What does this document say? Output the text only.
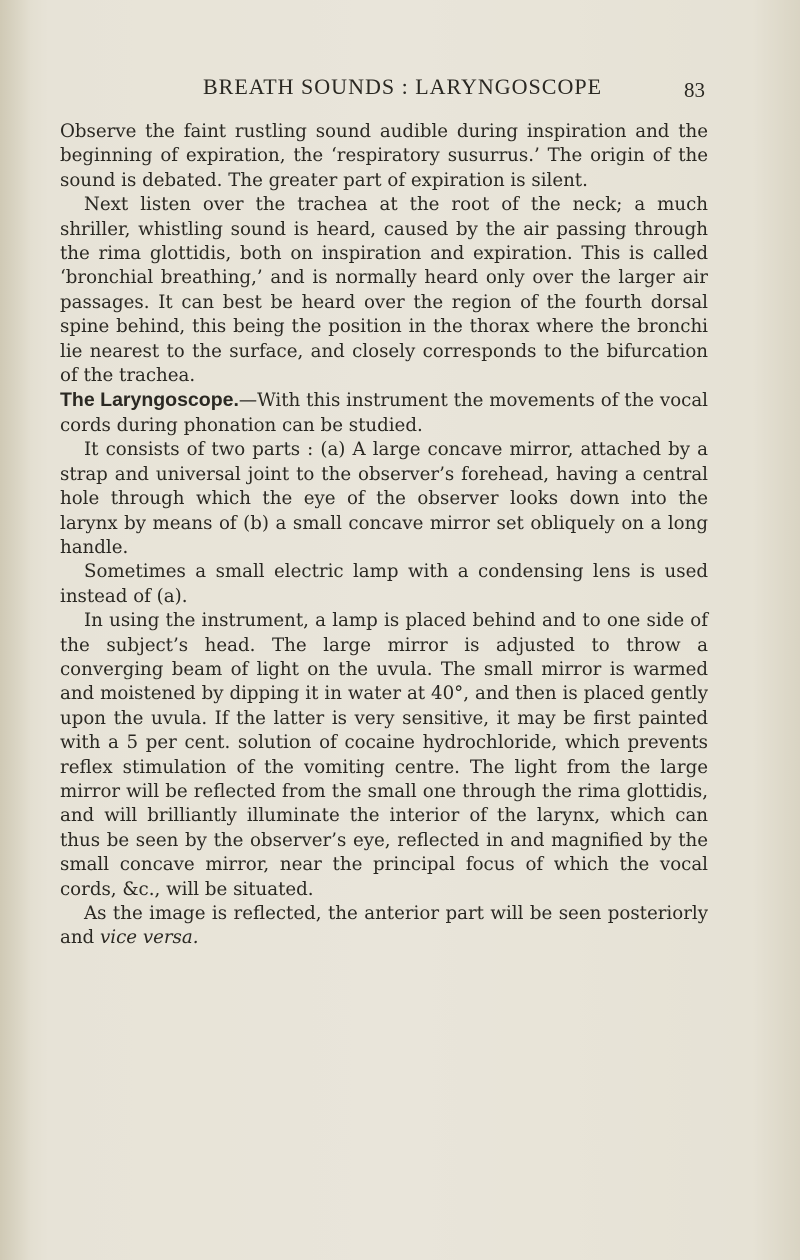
BREATH SOUNDS : LARYNGOSCOPE	83

Observe the faint rustling sound audible during inspiration and the beginning of expiration, the ‘respiratory susurrus.’ The origin of the sound is debated. The greater part of expiration is silent.

Next listen over the trachea at the root of the neck; a much shriller, whistling sound is heard, caused by the air passing through the rima glottidis, both on inspiration and expiration. This is called ‘bronchial breathing,’ and is normally heard only over the larger air passages. It can best be heard over the region of the fourth dorsal spine behind, this being the position in the thorax where the bronchi lie nearest to the surface, and closely corresponds to the bifurcation of the trachea.

The Laryngoscope.—With this instrument the movements of the vocal cords during phonation can be studied.

It consists of two parts : (a) A large concave mirror, attached by a strap and universal joint to the observer’s forehead, having a central hole through which the eye of the observer looks down into the larynx by means of (b) a small concave mirror set obliquely on a long handle.

Sometimes a small electric lamp with a condensing lens is used instead of (a).

In using the instrument, a lamp is placed behind and to one side of the subject’s head. The large mirror is adjusted to throw a converging beam of light on the uvula. The small mirror is warmed and moistened by dipping it in water at 40°, and then is placed gently upon the uvula. If the latter is very sensitive, it may be first painted with a 5 per cent. solution of cocaine hydrochloride, which prevents reflex stimulation of the vomiting centre. The light from the large mirror will be reflected from the small one through the rima glottidis, and will brilliantly illuminate the interior of the larynx, which can thus be seen by the observer’s eye, reflected in and magnified by the small concave mirror, near the principal focus of which the vocal cords, &c., will be situated.

As the image is reflected, the anterior part will be seen posteriorly and vice versa.
